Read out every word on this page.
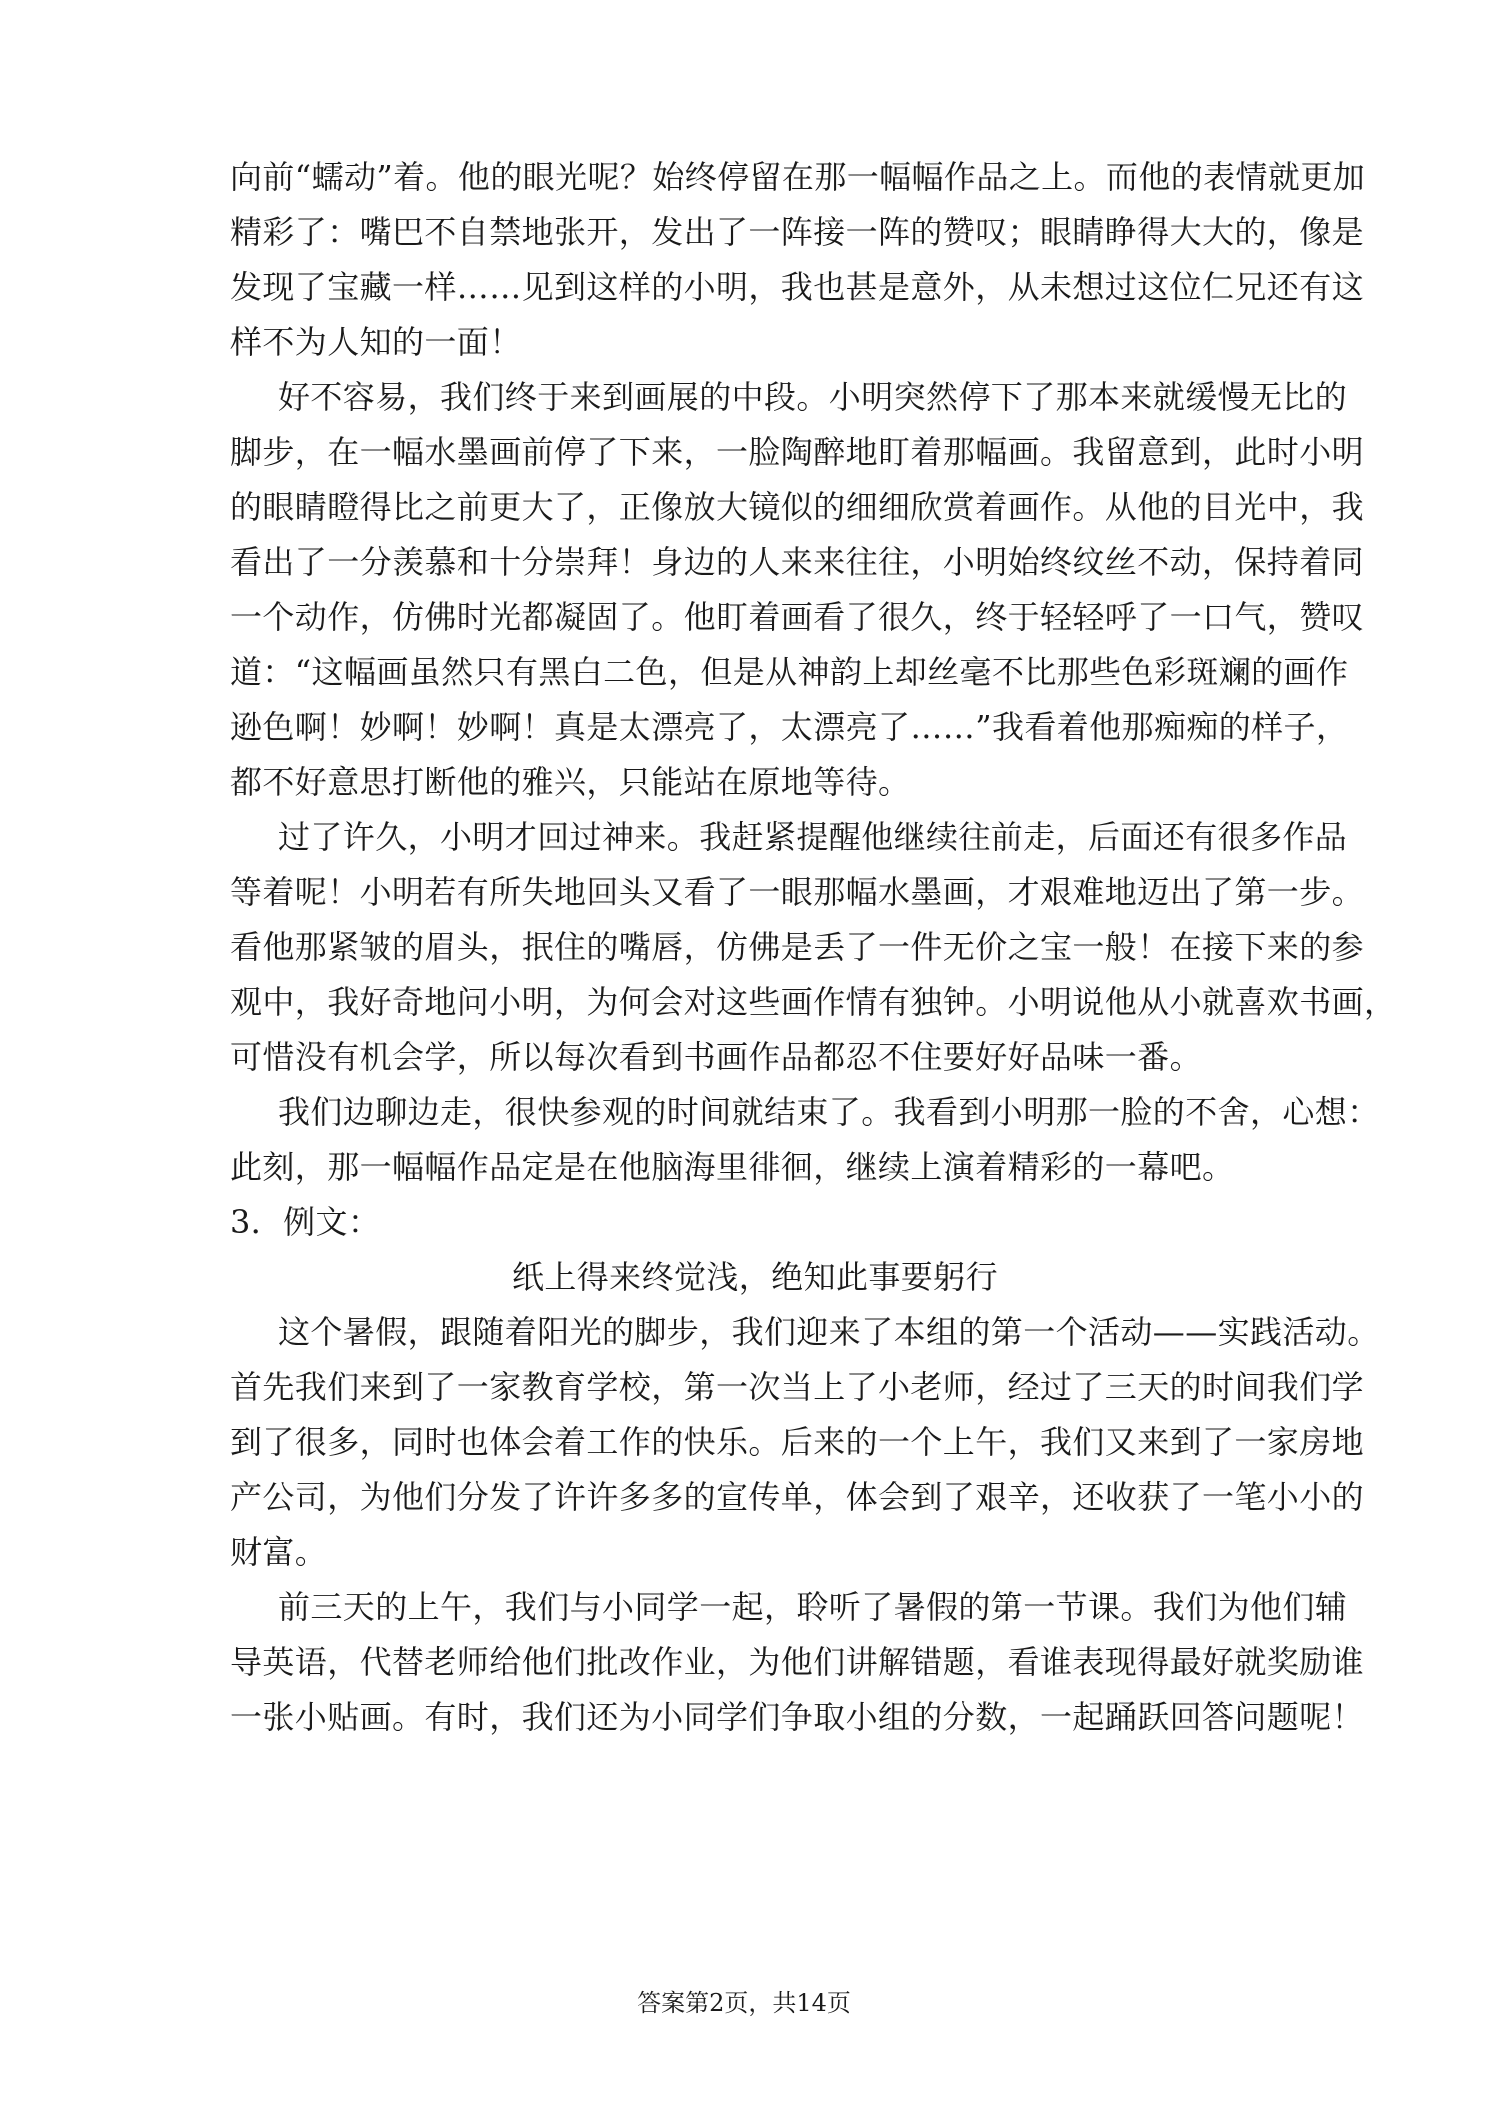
向前“蠕动”着。他的眼光呢？始终停留在那一幅幅作品之上。而他的表情就更加
精彩了：嘴巴不自禁地张开，发出了一阵接一阵的赞叹；眼睛睁得大大的，像是
发现了宝藏一样……见到这样的小明，我也甚是意外，从未想过这位仁兄还有这
样不为人知的一面！
好不容易，我们终于来到画展的中段。小明突然停下了那本来就缓慢无比的
脚步，在一幅水墨画前停了下来，一脸陶醉地盯着那幅画。我留意到，此时小明
的眼睛瞪得比之前更大了，正像放大镜似的细细欣赏着画作。从他的目光中，我
看出了一分羡慕和十分崇拜！身边的人来来往往，小明始终纹丝不动，保持着同
一个动作，仿佛时光都凝固了。他盯着画看了很久，终于轻轻呼了一口气，赞叹
道：“这幅画虽然只有黑白二色，但是从神韵上却丝毫不比那些色彩斑斓的画作
逊色啊！妙啊！妙啊！真是太漂亮了，太漂亮了……”我看着他那痴痴的样子，
都不好意思打断他的雅兴，只能站在原地等待。
过了许久，小明才回过神来。我赶紧提醒他继续往前走，后面还有很多作品
等着呢！小明若有所失地回头又看了一眼那幅水墨画，才艰难地迈出了第一步。
看他那紧皱的眉头，抿住的嘴唇，仿佛是丢了一件无价之宝一般！在接下来的参
观中，我好奇地问小明，为何会对这些画作情有独钟。小明说他从小就喜欢书画，
可惜没有机会学，所以每次看到书画作品都忍不住要好好品味一番。
我们边聊边走，很快参观的时间就结束了。我看到小明那一脸的不舍，心想：
此刻，那一幅幅作品定是在他脑海里徘徊，继续上演着精彩的一幕吧。
3．例文：
纸上得来终觉浅，绝知此事要躬行
这个暑假，跟随着阳光的脚步，我们迎来了本组的第一个活动——实践活动。
首先我们来到了一家教育学校，第一次当上了小老师，经过了三天的时间我们学
到了很多，同时也体会着工作的快乐。后来的一个上午，我们又来到了一家房地
产公司，为他们分发了许许多多的宣传单，体会到了艰辛，还收获了一笔小小的
财富。
前三天的上午，我们与小同学一起，聆听了暑假的第一节课。我们为他们辅
导英语，代替老师给他们批改作业，为他们讲解错题，看谁表现得最好就奖励谁
一张小贴画。有时，我们还为小同学们争取小组的分数，一起踊跃回答问题呢！
答案第2页，共14页
